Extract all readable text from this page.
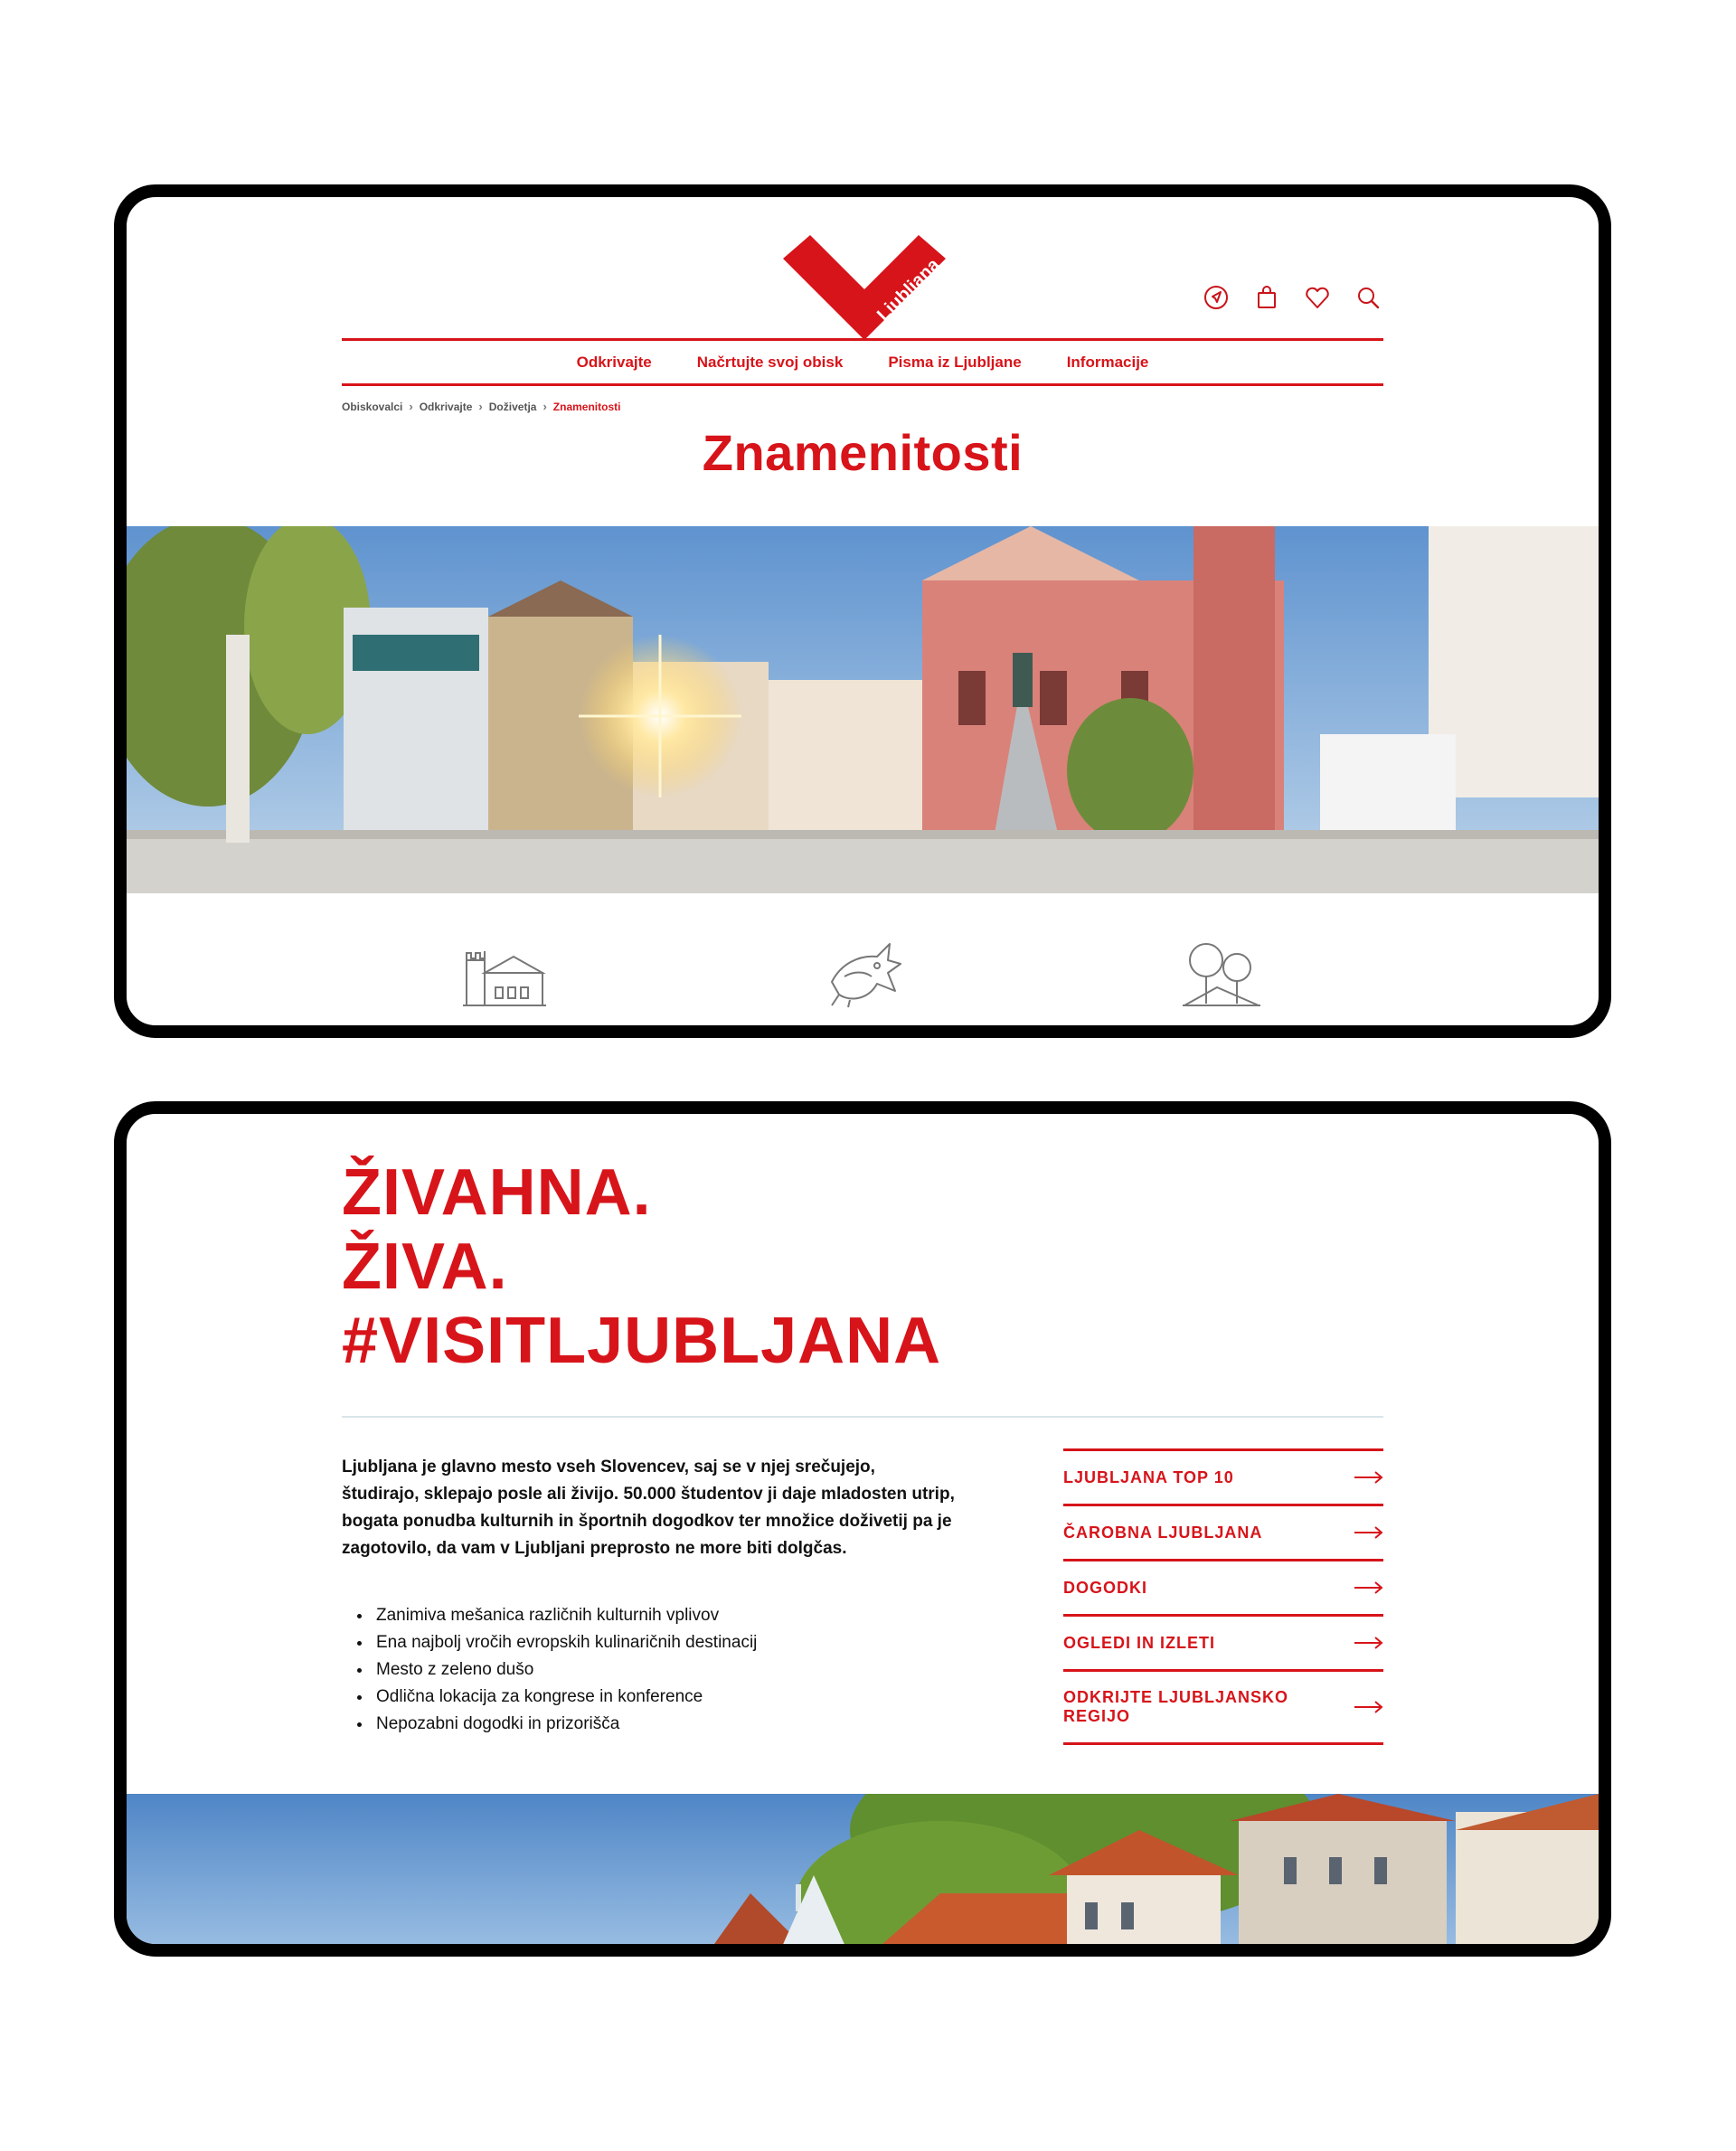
Ljubljana
Odkrivajte	Načrtujte svoj obisk	Pisma iz Ljubljane	Informacije
Obiskovalci › Odkrivajte › Doživetja › Znamenitosti
Znamenitosti
ŽIVAHNA.
ŽIVA.
#VISITLJUBLJANA

Ljubljana je glavno mesto vseh Slovencev, saj se v njej srečujejo, študirajo, sklepajo posle ali živijo. 50.000 študentov ji daje mladosten utrip, bogata ponudba kulturnih in športnih dogodkov ter množice doživetij pa je zagotovilo, da vam v Ljubljani preprosto ne more biti dolgčas.

• Zanimiva mešanica različnih kulturnih vplivov
• Ena najbolj vročih evropskih kulinaričnih destinacij
• Mesto z zeleno dušo
• Odlična lokacija za kongrese in konference
• Nepozabni dogodki in prizorišča
LJUBLJANA TOP 10
ČAROBNA LJUBLJANA
DOGODKI
OGLEDI IN IZLETI
ODKRIJTE LJUBLJANSKO REGIJO
